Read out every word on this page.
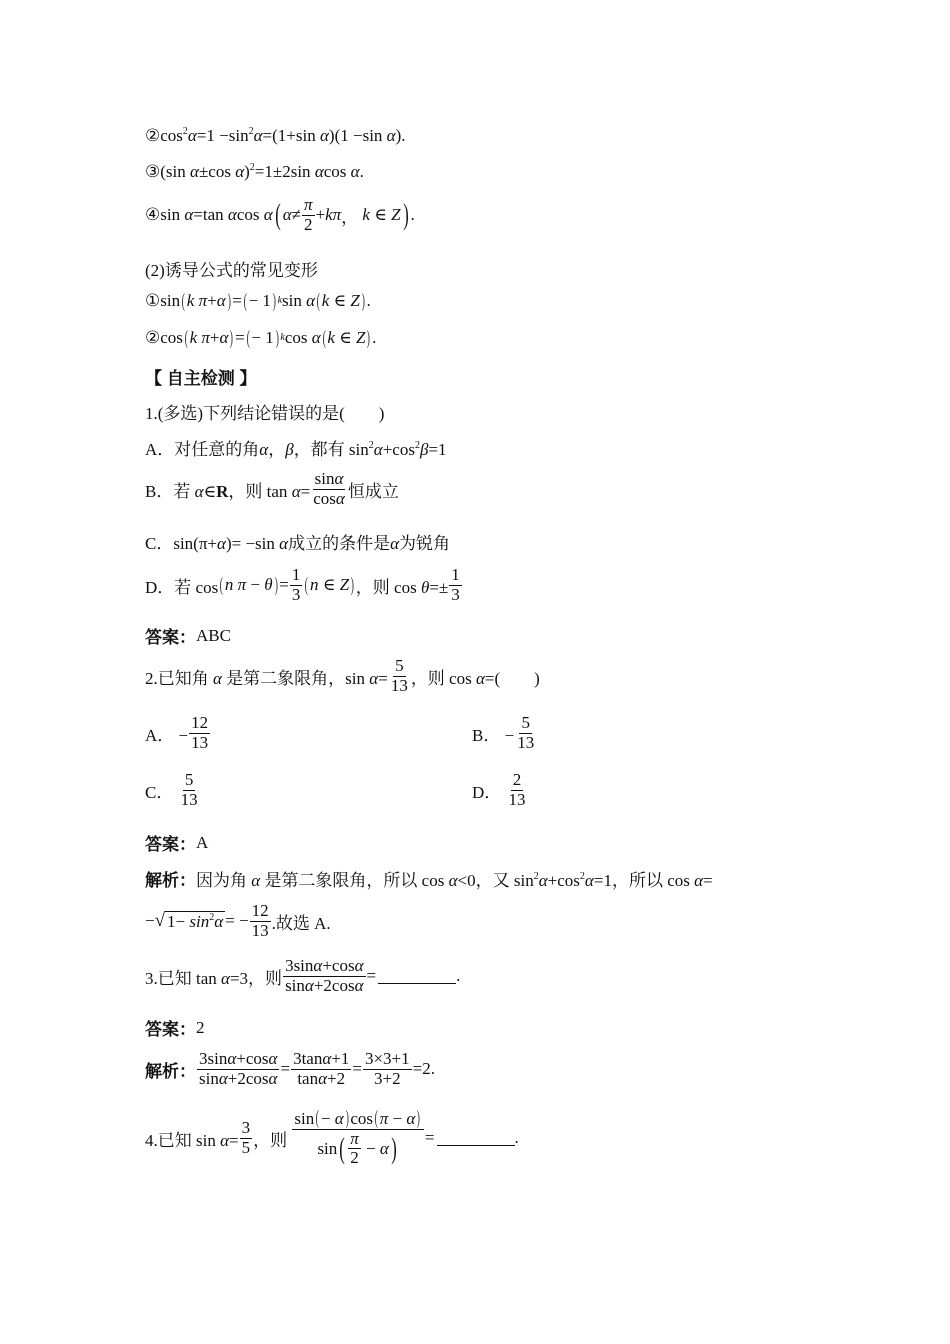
$②\cos^2\alpha=1 -\sin^2\alpha=(1+\sin$ α)(1 −sin α).
③(sin α±cos α)$^2$=1±2sin αcos α.
④sin α=tan αcos α ( $\alpha \ne \frac{\pi}{2} + k$ π ， k ∈ Z ) .
(2)诱导公式的常见变形
①sin ( k
π + α ) = ( − 1 ) k sin α ( k ∈ Z ) .
②cos ( k
π + α ) = ( − 1 ) k cos α ( k ∈ Z ) .
【 自主检测 】
1.(多选)下列结论错误的是(　　)
A．对任意的角α，β，都有 $\sin^2\alpha+\cos^2\beta=1$
B．若 α∈R，则 $\tan \alpha= \frac{\sin\alpha}{\cos\alpha}$ 恒成立
C．sin(π+α)= −sin α成立的条件是α为锐角
D．若 cos ( n
π − θ ) = $\frac{1}{3}$ ( n ∈ Z ) ，则 $\cos \theta=\pm \frac{1}{3}$
答案： ABC
2.已知角 α 是第二象限角，$\sin \alpha= \frac{5}{13}$ ，则 cos α=(　　)
A． − $\frac{12}{13}$	B． − $\frac{5}{13}$
C． $\frac{5}{13}$	D． $\frac{2}{13}$
答案： A
解析： 因为角 α 是第二象限角，所以 cos α<0，又 $\sin^2\alpha+\cos^2\alpha=1$，所以 cos α=
− √ $1- \sin^2\alpha$ = − $\frac{12}{13}$ .故选 A.
3.已知 tan α=3，则 $\frac{3\sin\alpha+\cos\alpha}{\sin\alpha+2\cos\alpha}$ =	.
答案： 2
解析： $\frac{3\sin\alpha+\cos\alpha}{\sin\alpha+2\cos\alpha} = \frac{3\tan\alpha+1}{\tan\alpha+2} = \frac{3\times 3+1}{3+2} =2$.
4.已知 $\sin \alpha= \frac{3}{5}$ ，则 $\frac{\sin(- \alpha)\cos(\pi - \alpha)}{\sin ( \frac{\pi}{2} - \alpha )}$ =	.
